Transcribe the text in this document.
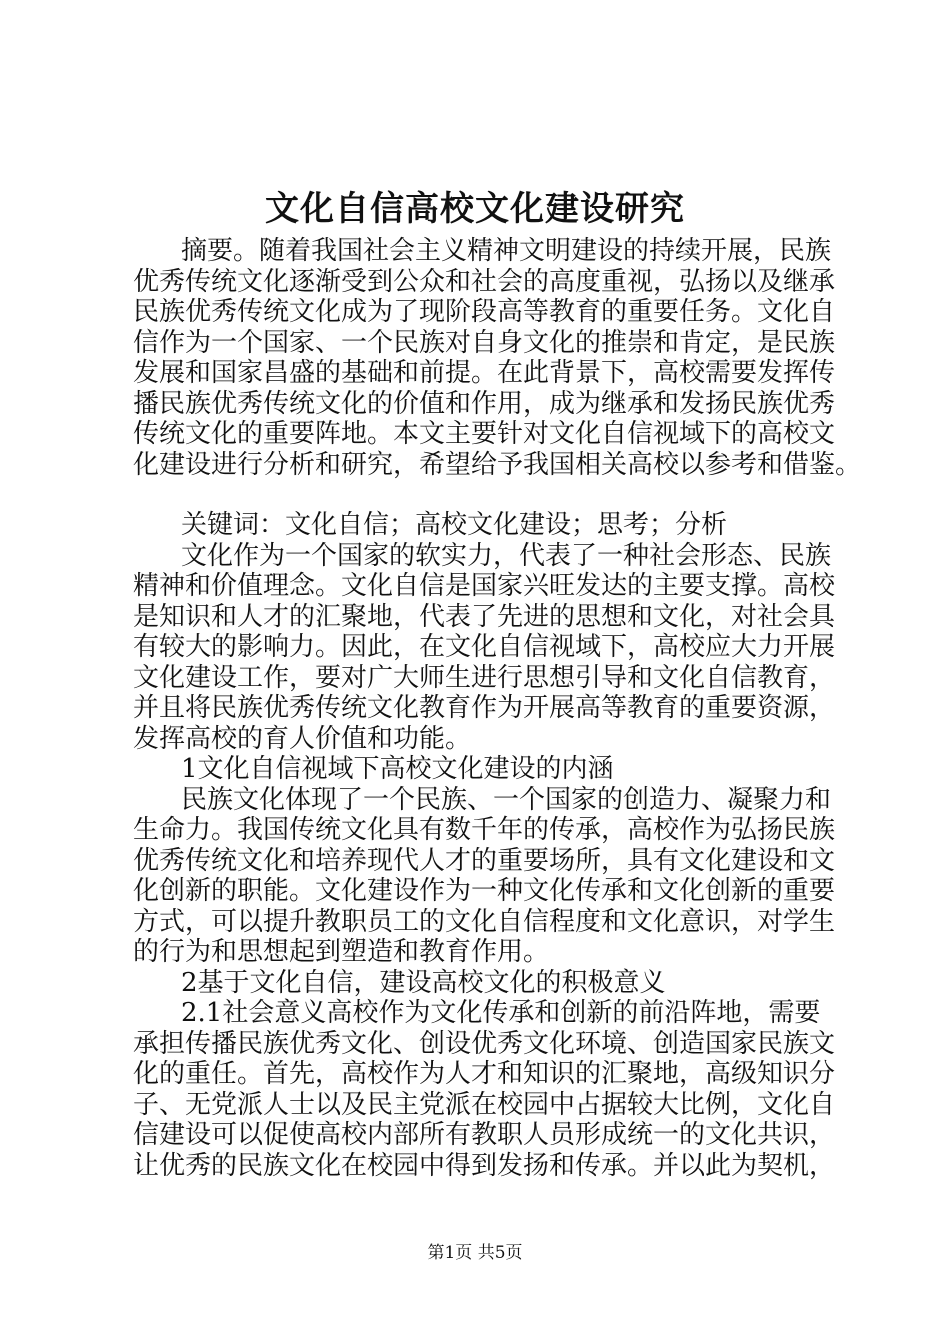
文化自信高校文化建设研究
摘要。随着我国社会主义精神文明建设的持续开展，民族
优秀传统文化逐渐受到公众和社会的高度重视，弘扬以及继承
民族优秀传统文化成为了现阶段高等教育的重要任务。文化自
信作为一个国家、一个民族对自身文化的推崇和肯定，是民族
发展和国家昌盛的基础和前提。在此背景下，高校需要发挥传
播民族优秀传统文化的价值和作用，成为继承和发扬民族优秀
传统文化的重要阵地。本文主要针对文化自信视域下的高校文
化建设进行分析和研究，希望给予我国相关高校以参考和借鉴。
关键词：文化自信；高校文化建设；思考；分析
文化作为一个国家的软实力，代表了一种社会形态、民族
精神和价值理念。文化自信是国家兴旺发达的主要支撑。高校
是知识和人才的汇聚地，代表了先进的思想和文化，对社会具
有较大的影响力。因此，在文化自信视域下，高校应大力开展
文化建设工作，要对广大师生进行思想引导和文化自信教育，
并且将民族优秀传统文化教育作为开展高等教育的重要资源，
发挥高校的育人价值和功能。
1文化自信视域下高校文化建设的内涵
民族文化体现了一个民族、一个国家的创造力、凝聚力和
生命力。我国传统文化具有数千年的传承，高校作为弘扬民族
优秀传统文化和培养现代人才的重要场所，具有文化建设和文
化创新的职能。文化建设作为一种文化传承和文化创新的重要
方式，可以提升教职员工的文化自信程度和文化意识，对学生
的行为和思想起到塑造和教育作用。
2基于文化自信，建设高校文化的积极意义
2.1社会意义高校作为文化传承和创新的前沿阵地，需要
承担传播民族优秀文化、创设优秀文化环境、创造国家民族文
化的重任。首先，高校作为人才和知识的汇聚地，高级知识分
子、无党派人士以及民主党派在校园中占据较大比例，文化自
信建设可以促使高校内部所有教职人员形成统一的文化共识，
让优秀的民族文化在校园中得到发扬和传承。并以此为契机，
第1页 共5页
